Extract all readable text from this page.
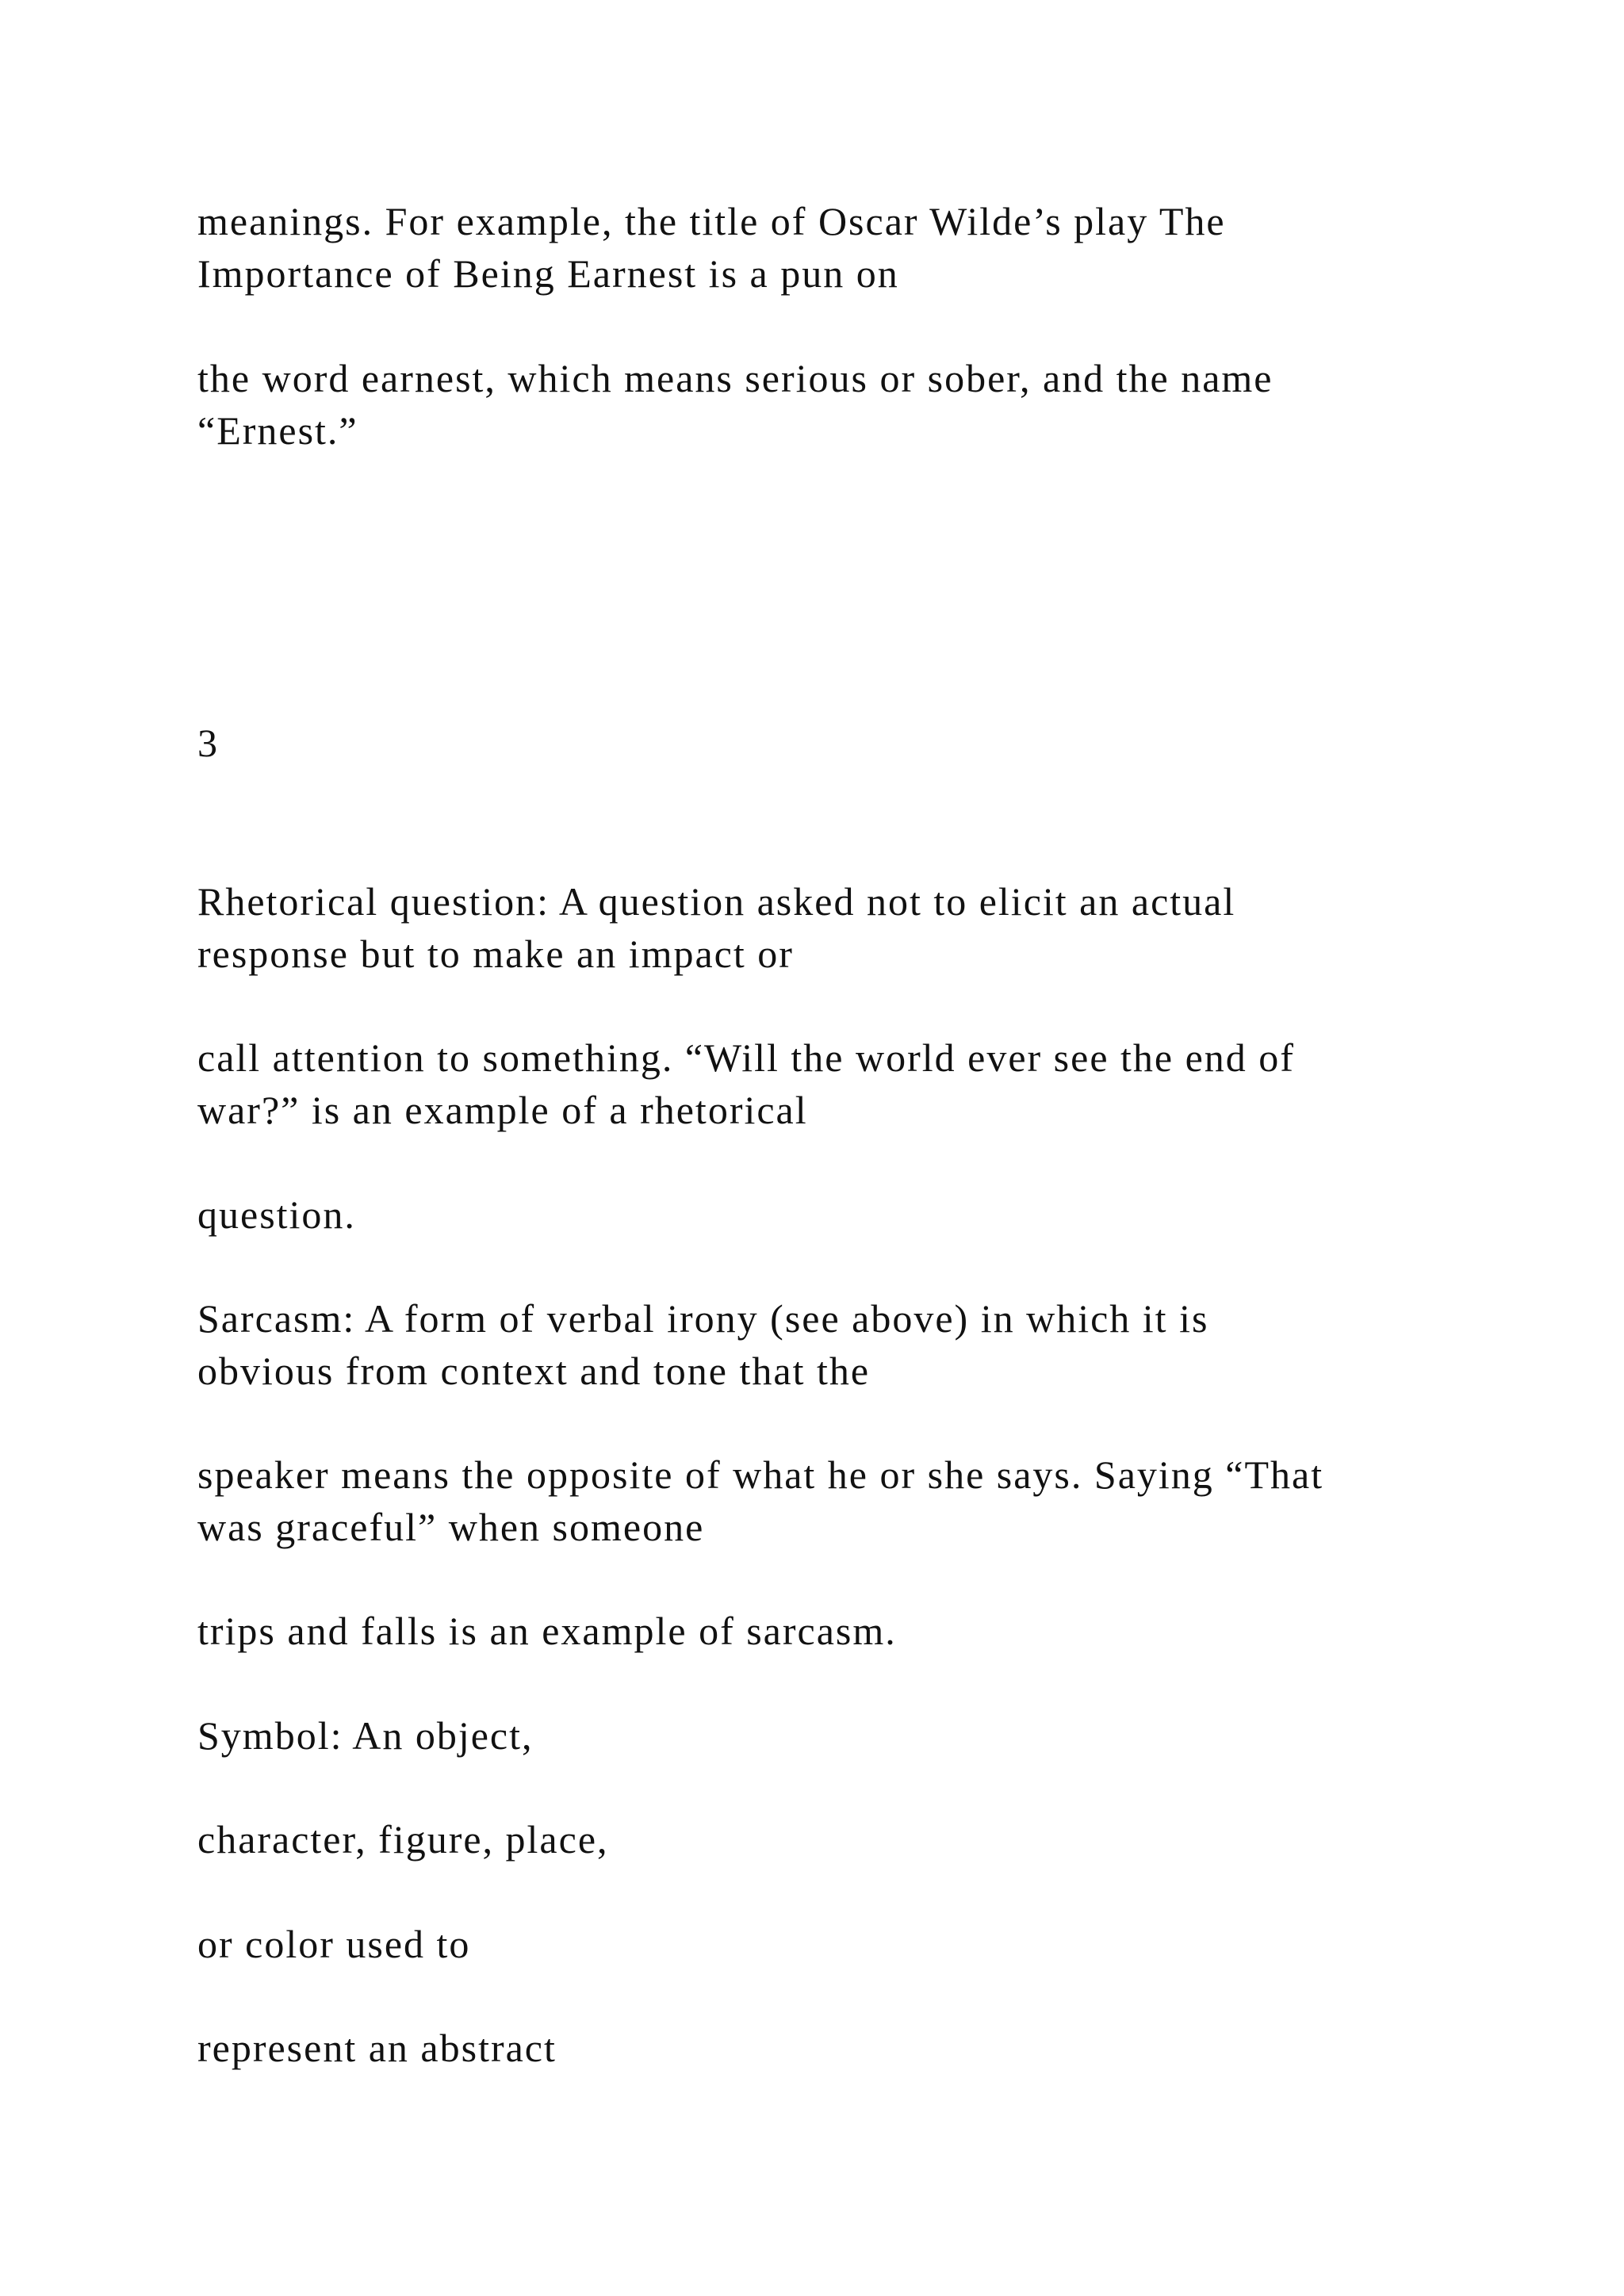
meanings. For example, the title of Oscar Wilde’s play The
Importance of Being Earnest is a pun on
the word earnest, which means serious or sober, and the name
“Ernest.”
3
Rhetorical question: A question asked not to elicit an actual
response but to make an impact or
call attention to something. “Will the world ever see the end of
war?” is an example of a rhetorical
question.
Sarcasm: A form of verbal irony (see above) in which it is
obvious from context and tone that the
speaker means the opposite of what he or she says. Saying “That
was graceful” when someone
trips and falls is an example of sarcasm.
Symbol: An object,
character, figure, place,
or color used to
represent an abstract
